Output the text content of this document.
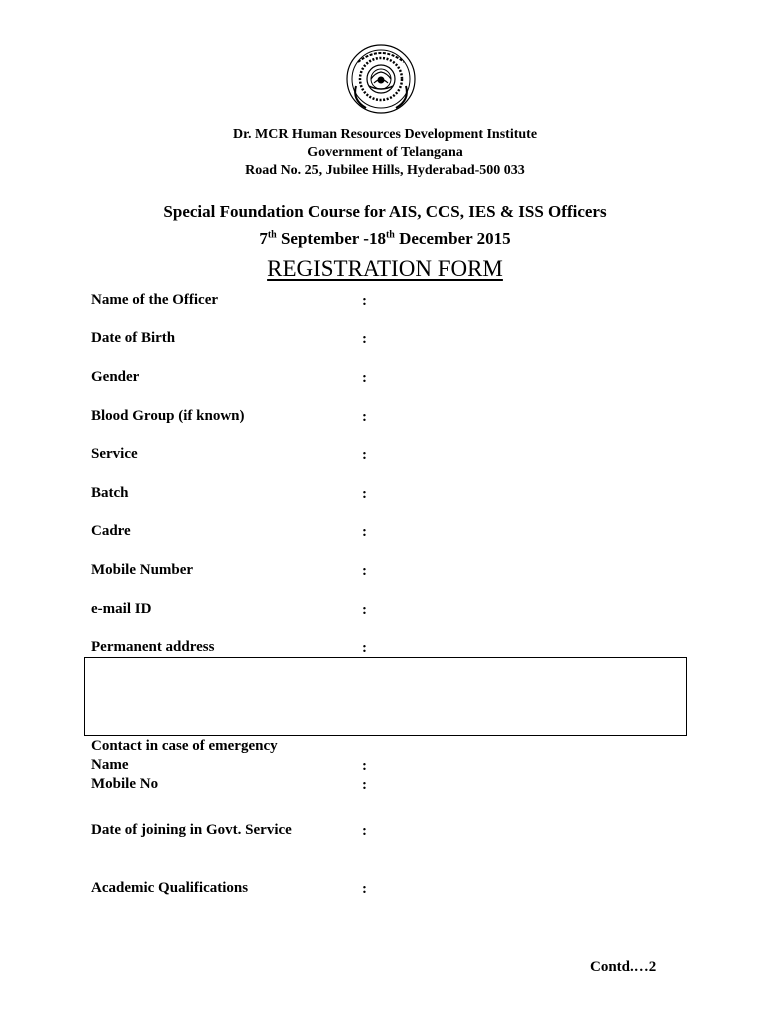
Dr. MCR Human Resources Development Institute
Government of Telangana
Road No. 25, Jubilee Hills, Hyderabad-500 033
Special Foundation Course for AIS, CCS, IES & ISS Officers
7th September -18th December 2015
REGISTRATION FORM
Name of the Officer	:
Date of Birth	:
Gender	:
Blood Group (if known)	:
Service	:
Batch	:
Cadre	:
Mobile Number	:
e-mail ID	:
Permanent address	:
Contact in case of emergency
Name	:
Mobile No	:
Date of joining in Govt. Service	:
Academic Qualifications	:
Contd.…2
